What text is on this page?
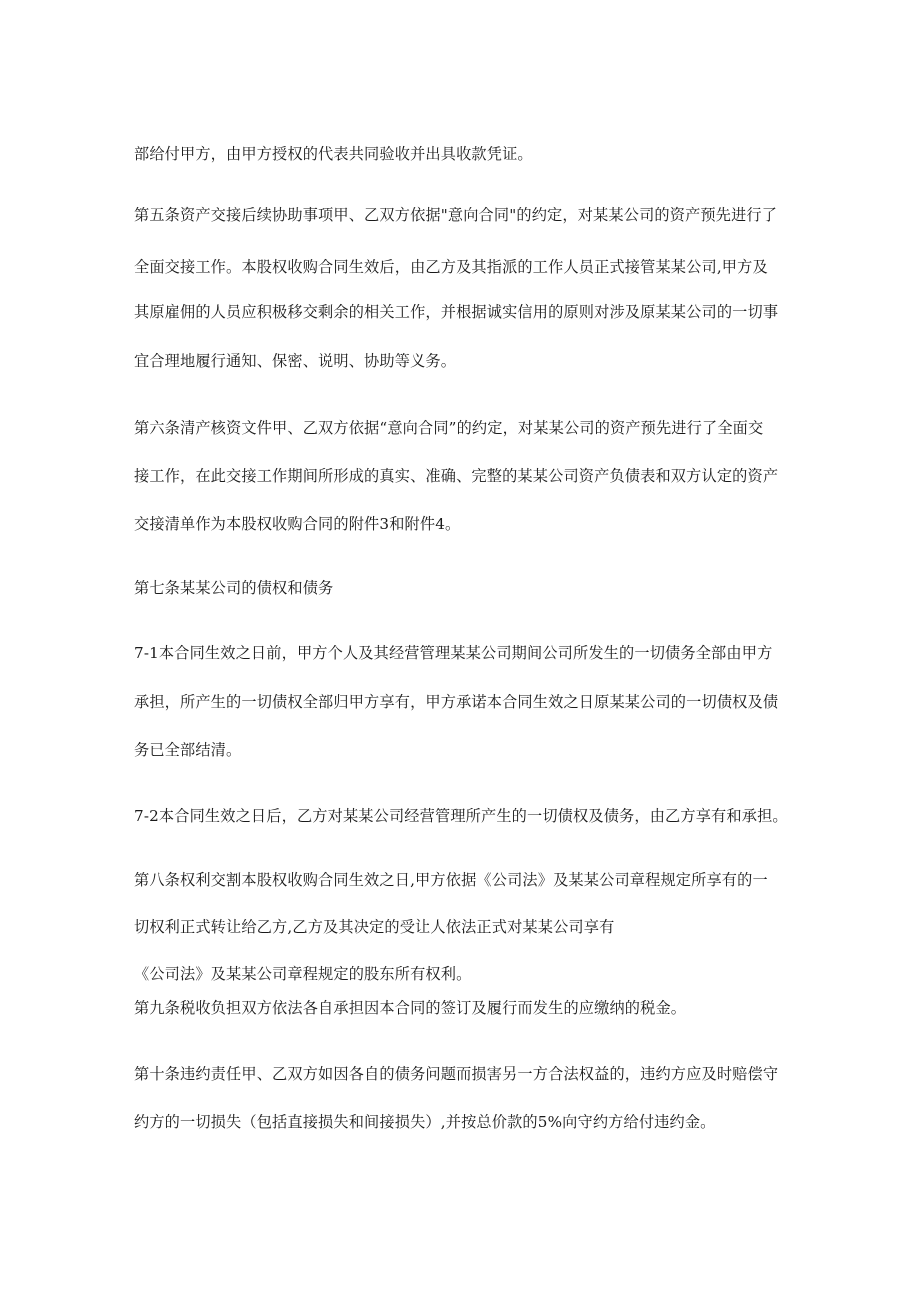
部给付甲方，由甲方授权的代表共同验收并出具收款凭证。
第五条资产交接后续协助事项甲、乙双方依据"意向合同"的约定，对某某公司的资产预先进行了
全面交接工作。本股权收购合同生效后，由乙方及其指派的工作人员正式接管某某公司,甲方及
其原雇佣的人员应积极移交剩余的相关工作，并根据诚实信用的原则对涉及原某某公司的一切事
宜合理地履行通知、保密、说明、协助等义务。
第六条清产核资文件甲、乙双方依据“意向合同”的约定，对某某公司的资产预先进行了全面交
接工作，在此交接工作期间所形成的真实、准确、完整的某某公司资产负债表和双方认定的资产
交接清单作为本股权收购合同的附件3和附件4。
第七条某某公司的债权和债务
7-1本合同生效之日前，甲方个人及其经营管理某某公司期间公司所发生的一切债务全部由甲方
承担，所产生的一切债权全部归甲方享有，甲方承诺本合同生效之日原某某公司的一切债权及债
务已全部结清。
7-2本合同生效之日后，乙方对某某公司经营管理所产生的一切债权及债务，由乙方享有和承担。
第八条权利交割本股权收购合同生效之日,甲方依据《公司法》及某某公司章程规定所享有的一
切权利正式转让给乙方,乙方及其决定的受让人依法正式对某某公司享有
《公司法》及某某公司章程规定的股东所有权利。
第九条税收负担双方依法各自承担因本合同的签订及履行而发生的应缴纳的税金。
第十条违约责任甲、乙双方如因各自的债务问题而损害另一方合法权益的，违约方应及时赔偿守
约方的一切损失（包括直接损失和间接损失）,并按总价款的5%向守约方给付违约金。
